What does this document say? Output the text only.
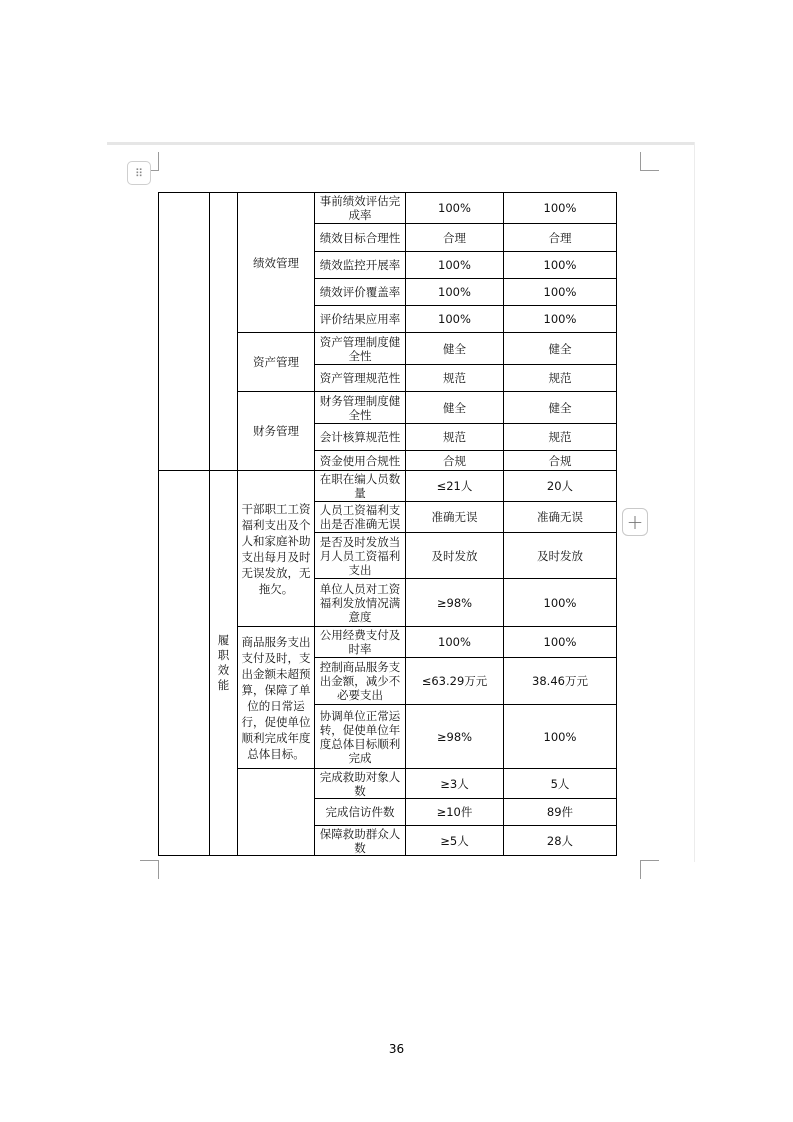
⠿
+
		绩效管理	事前绩效评估完成率	100%	100%
			绩效目标合理性	合理	合理
			绩效监控开展率	100%	100%
			绩效评价覆盖率	100%	100%
			评价结果应用率	100%	100%
		资产管理	资产管理制度健全性	健全	健全
			资产管理规范性	规范	规范
		财务管理	财务管理制度健全性	健全	健全
			会计核算规范性	规范	规范
			资金使用合规性	合规	合规

	履职效能	干部职工工资福利支出及个人和家庭补助支出每月及时无误发放，无拖欠。	在职在编人员数量	≤21人	20人
			人员工资福利支出是否准确无误	准确无误	准确无误
			是否及时发放当月人员工资福利支出	及时发放	及时发放
			单位人员对工资福利发放情况满意度	≥98%	100%
		商品服务支出支付及时，支出金额未超预算，保障了单位的日常运行，促使单位顺利完成年度总体目标。	公用经费支付及时率	100%	100%
			控制商品服务支出金额，减少不必要支出	≤63.29万元	38.46万元
			协调单位正常运转，促使单位年度总体目标顺利完成	≥98%	100%
			完成救助对象人数	≥3人	5人
			完成信访件数	≥10件	89件
			保障救助群众人数	≥5人	28人
36
